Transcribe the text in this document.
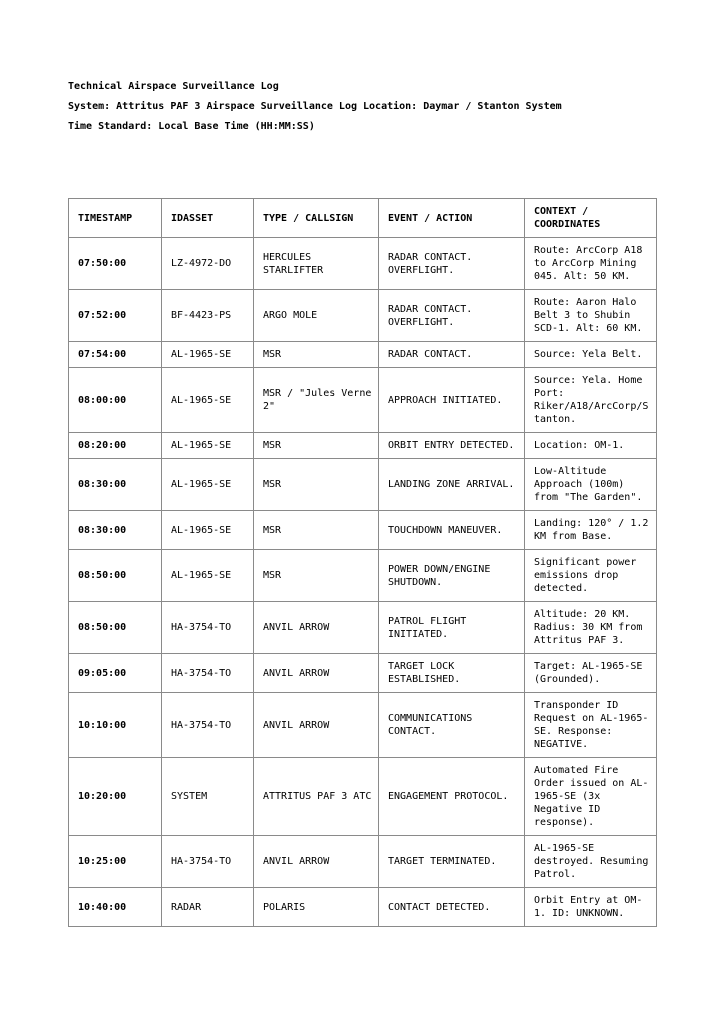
Technical Airspace Surveillance Log
System: Attritus PAF 3 Airspace Surveillance Log Location: Daymar / Stanton System
Time Standard: Local Base Time (HH:MM:SS)
TIMESTAMP	IDASSET	TYPE / CALLSIGN	EVENT / ACTION	CONTEXT / COORDINATES
07:50:00	LZ-4972-DO	HERCULES STARLIFTER	RADAR CONTACT. OVERFLIGHT.	Route: ArcCorp A18 to ArcCorp Mining 045. Alt: 50 KM.
07:52:00	BF-4423-PS	ARGO MOLE	RADAR CONTACT. OVERFLIGHT.	Route: Aaron Halo Belt 3 to Shubin SCD-1. Alt: 60 KM.
07:54:00	AL-1965-SE	MSR	RADAR CONTACT.	Source: Yela Belt.
08:00:00	AL-1965-SE	MSR / "Jules Verne 2"	APPROACH INITIATED.	Source: Yela. Home Port: Riker/A18/ArcCorp/Stanton.
08:20:00	AL-1965-SE	MSR	ORBIT ENTRY DETECTED.	Location: OM-1.
08:30:00	AL-1965-SE	MSR	LANDING ZONE ARRIVAL.	Low-Altitude Approach (100m) from "The Garden".
08:30:00	AL-1965-SE	MSR	TOUCHDOWN MANEUVER.	Landing: 120° / 1.2 KM from Base.
08:50:00	AL-1965-SE	MSR	POWER DOWN/ENGINE SHUTDOWN.	Significant power emissions drop detected.
08:50:00	HA-3754-TO	ANVIL ARROW	PATROL FLIGHT INITIATED.	Altitude: 20 KM. Radius: 30 KM from Attritus PAF 3.
09:05:00	HA-3754-TO	ANVIL ARROW	TARGET LOCK ESTABLISHED.	Target: AL-1965-SE (Grounded).
10:10:00	HA-3754-TO	ANVIL ARROW	COMMUNICATIONS CONTACT.	Transponder ID Request on AL-1965-SE. Response: NEGATIVE.
10:20:00	SYSTEM	ATTRITUS PAF 3 ATC	ENGAGEMENT PROTOCOL.	Automated Fire Order issued on AL-1965-SE (3x Negative ID response).
10:25:00	HA-3754-TO	ANVIL ARROW	TARGET TERMINATED.	AL-1965-SE destroyed. Resuming Patrol.
10:40:00	RADAR	POLARIS	CONTACT DETECTED.	Orbit Entry at OM-1. ID: UNKNOWN.
